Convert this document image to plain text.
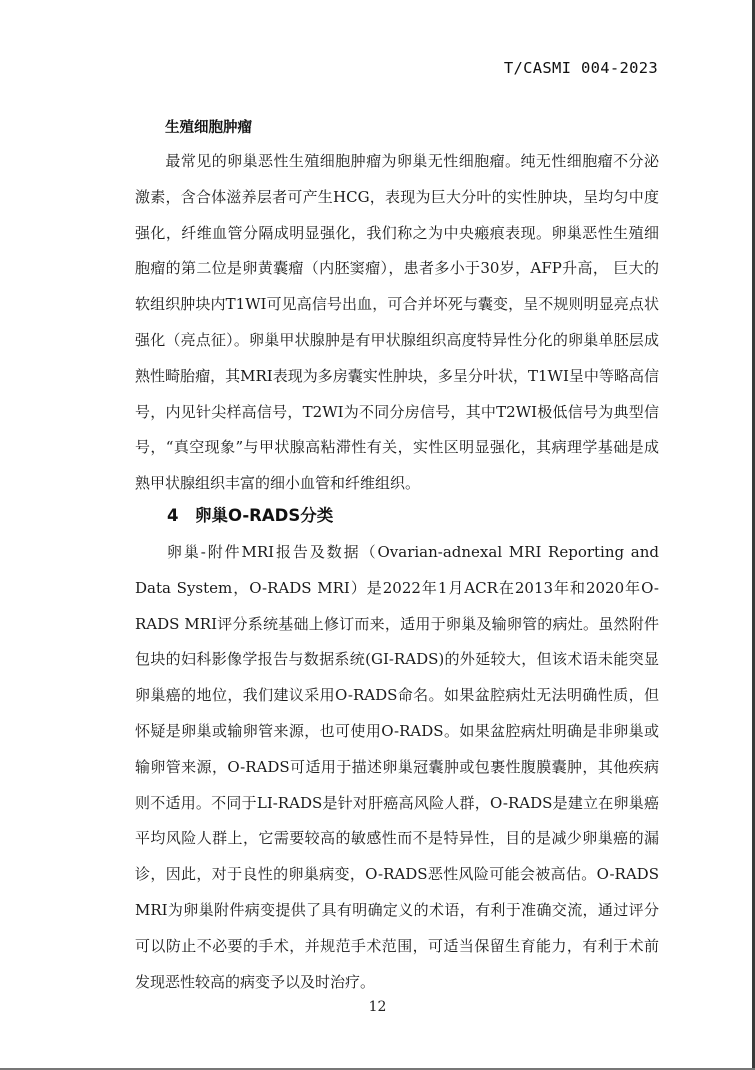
T/CASMI 004-2023
生殖细胞肿瘤
最常见的卵巢恶性生殖细胞肿瘤为卵巢无性细胞瘤。纯无性细胞瘤不分泌激素，含合体滋养层者可产生HCG，表现为巨大分叶的实性肿块，呈均匀中度强化，纤维血管分隔成明显强化，我们称之为中央瘢痕表现。卵巢恶性生殖细胞瘤的第二位是卵黄囊瘤（内胚窦瘤），患者多小于30岁，AFP升高， 巨大的软组织肿块内T1WI可见高信号出血，可合并坏死与囊变，呈不规则明显亮点状强化（亮点征）。卵巢甲状腺肿是有甲状腺组织高度特异性分化的卵巢单胚层成熟性畸胎瘤，其MRI表现为多房囊实性肿块，多呈分叶状，T1WI呈中等略高信号，内见针尖样高信号，T2WI为不同分房信号，其中T2WI极低信号为典型信号，“真空现象”与甲状腺高粘滞性有关，实性区明显强化，其病理学基础是成熟甲状腺组织丰富的细小血管和纤维组织。
4 卵巢O-RADS分类
卵巢-附件MRI报告及数据（Ovarian-adnexal MRI Reporting and Data System，O-RADS MRI）是2022年1月ACR在2013年和2020年O-RADS MRI评分系统基础上修订而来，适用于卵巢及输卵管的病灶。虽然附件包块的妇科影像学报告与数据系统(GI-RADS)的外延较大，但该术语未能突显卵巢癌的地位，我们建议采用O-RADS命名。如果盆腔病灶无法明确性质，但怀疑是卵巢或输卵管来源，也可使用O-RADS。如果盆腔病灶明确是非卵巢或输卵管来源，O-RADS可适用于描述卵巢冠囊肿或包裹性腹膜囊肿，其他疾病则不适用。不同于LI-RADS是针对肝癌高风险人群，O-RADS是建立在卵巢癌平均风险人群上，它需要较高的敏感性而不是特异性，目的是减少卵巢癌的漏诊，因此，对于良性的卵巢病变，O-RADS恶性风险可能会被高估。O-RADS MRI为卵巢附件病变提供了具有明确定义的术语，有利于准确交流，通过评分可以防止不必要的手术，并规范手术范围，可适当保留生育能力，有利于术前发现恶性较高的病变予以及时治疗。
12
